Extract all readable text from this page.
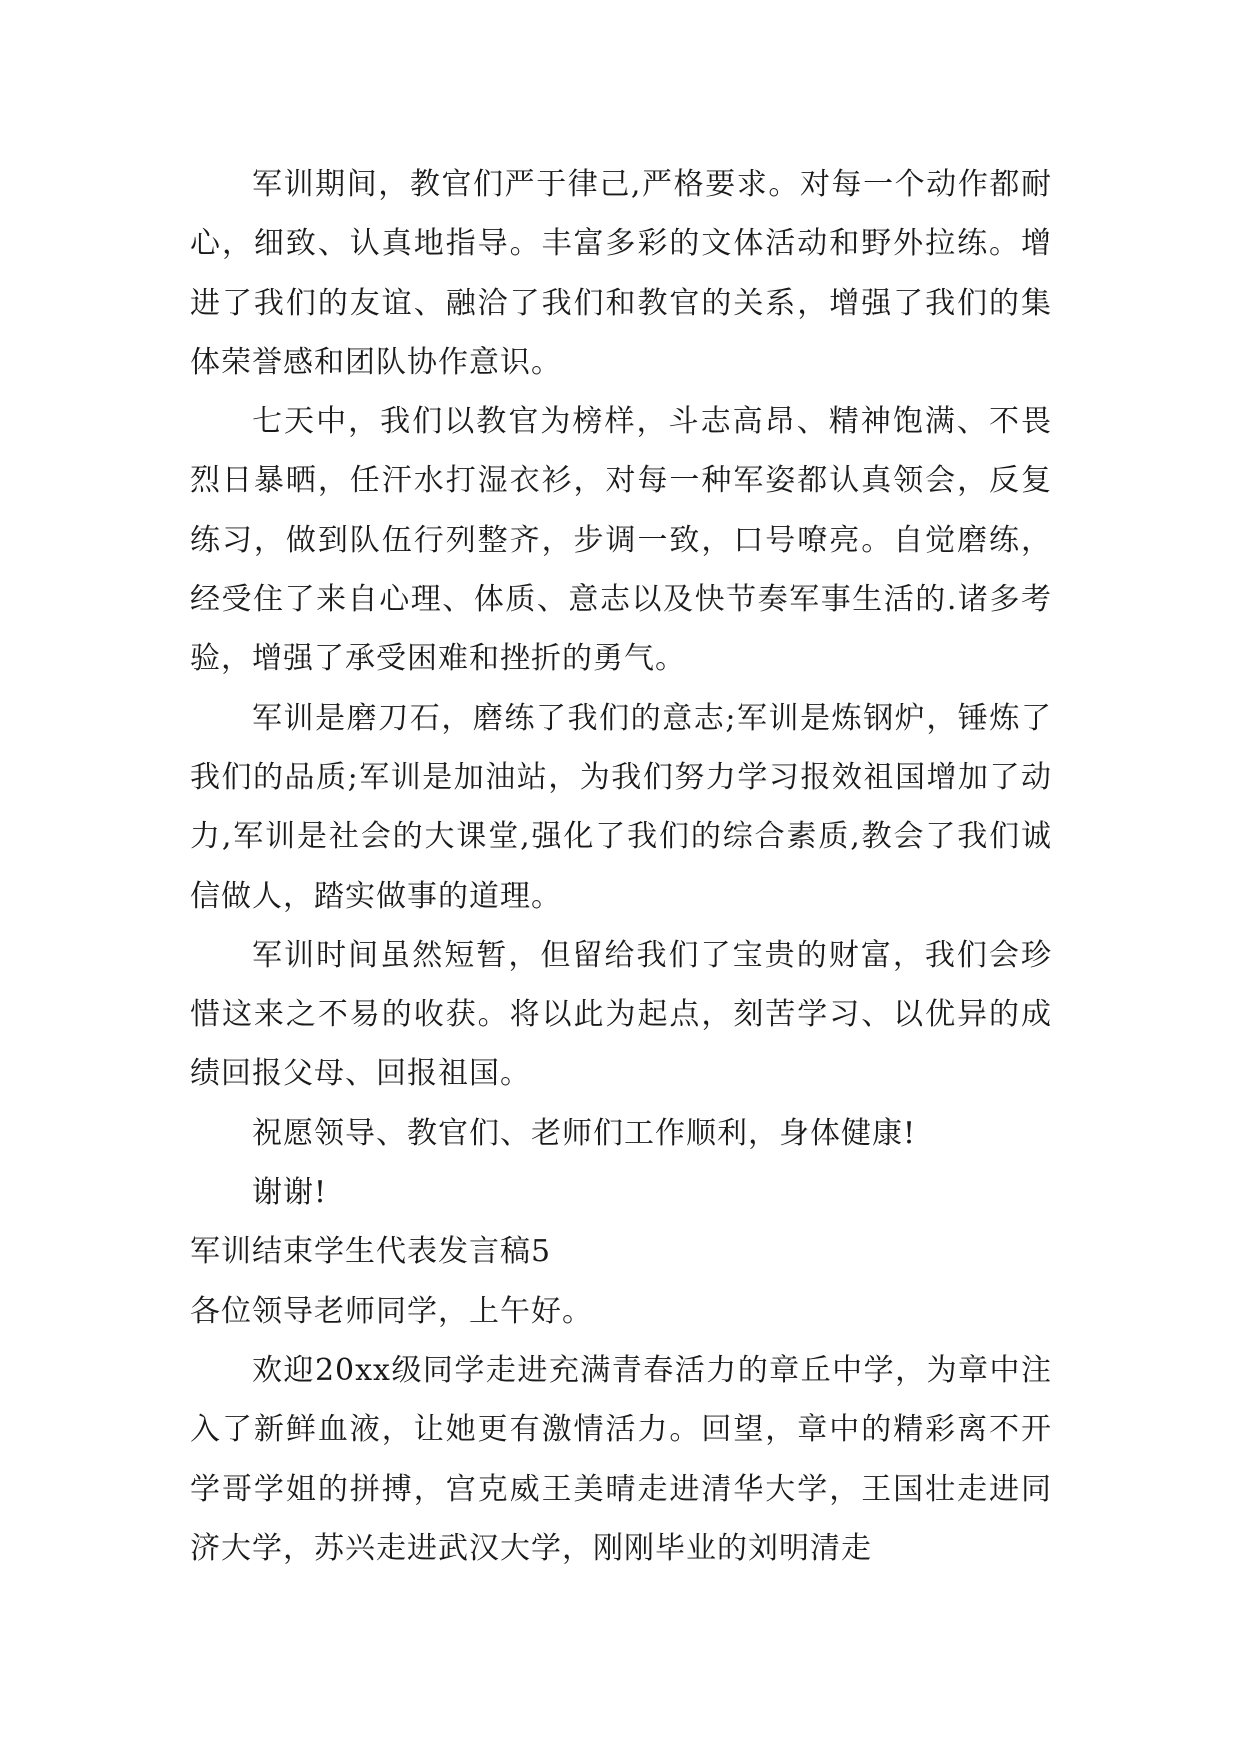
军训期间，教官们严于律己,严格要求。对每一个动作都耐心，细致、认真地指导。丰富多彩的文体活动和野外拉练。增进了我们的友谊、融洽了我们和教官的关系，增强了我们的集体荣誉感和团队协作意识。

七天中，我们以教官为榜样，斗志高昂、精神饱满、不畏烈日暴晒，任汗水打湿衣衫，对每一种军姿都认真领会，反复练习，做到队伍行列整齐，步调一致，口号嘹亮。自觉磨练，经受住了来自心理、体质、意志以及快节奏军事生活的.诸多考验，增强了承受困难和挫折的勇气。

军训是磨刀石，磨练了我们的意志;军训是炼钢炉，锤炼了我们的品质;军训是加油站，为我们努力学习报效祖国增加了动力,军训是社会的大课堂,强化了我们的综合素质,教会了我们诚信做人，踏实做事的道理。

军训时间虽然短暂，但留给我们了宝贵的财富，我们会珍惜这来之不易的收获。将以此为起点，刻苦学习、以优异的成绩回报父母、回报祖国。

祝愿领导、教官们、老师们工作顺利，身体健康!

谢谢!

军训结束学生代表发言稿5

各位领导老师同学，上午好。

欢迎20xx级同学走进充满青春活力的章丘中学，为章中注入了新鲜血液，让她更有激情活力。回望，章中的精彩离不开学哥学姐的拼搏，宫克威王美晴走进清华大学，王国壮走进同济大学，苏兴走进武汉大学，刚刚毕业的刘明清走
